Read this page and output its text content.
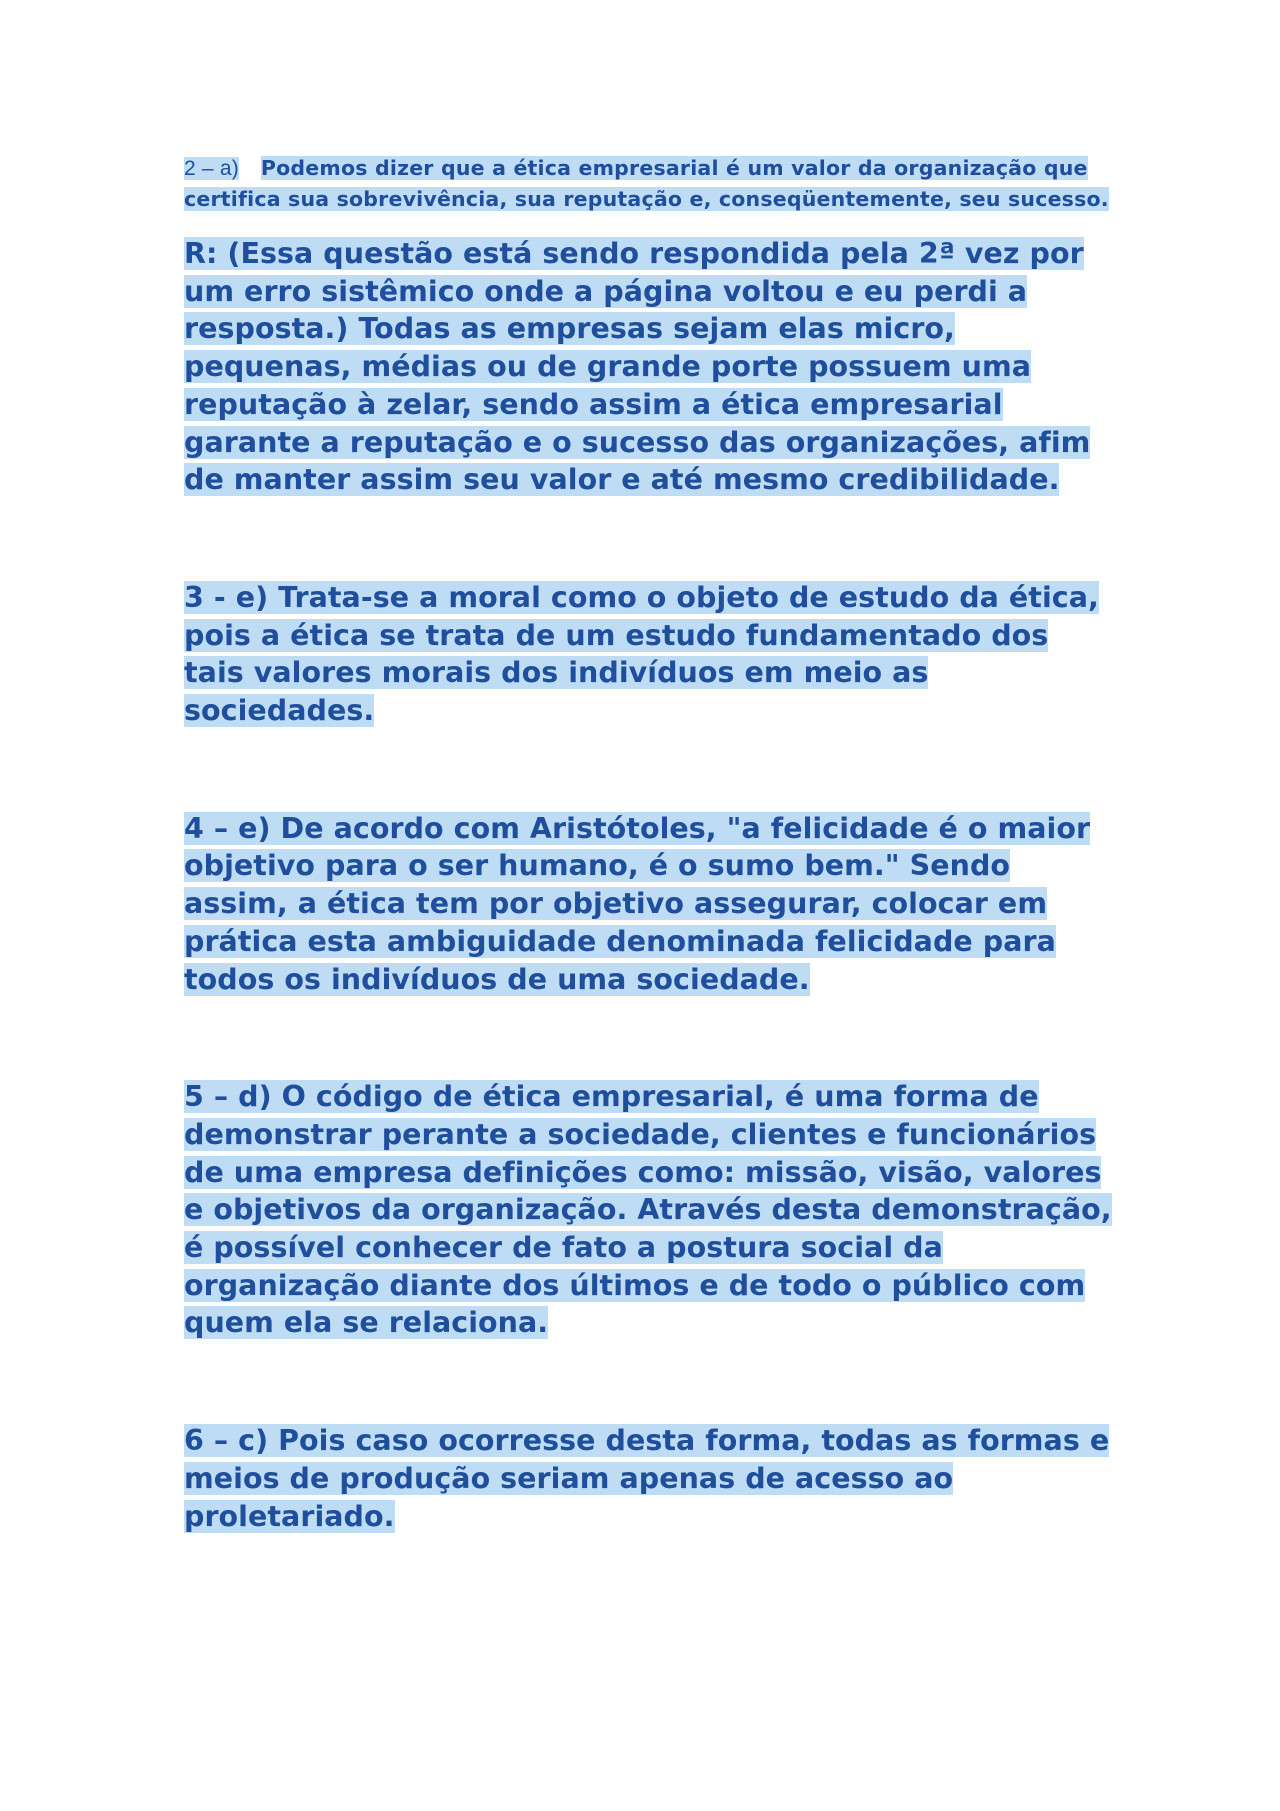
2 – a) Podemos dizer que a ética empresarial é um valor da organização que certifica sua sobrevivência, sua reputação e, conseqüentemente, seu sucesso.

R: (Essa questão está sendo respondida pela 2ª vez por um erro sistêmico onde a página voltou e eu perdi a resposta.) Todas as empresas sejam elas micro, pequenas, médias ou de grande porte possuem uma reputação à zelar, sendo assim a ética empresarial garante a reputação e o sucesso das organizações, afim de manter assim seu valor e até mesmo credibilidade.

3 - e) Trata-se a moral como o objeto de estudo da ética, pois a ética se trata de um estudo fundamentado dos tais valores morais dos indivíduos em meio as sociedades.

4 – e) De acordo com Aristótoles, "a felicidade é o maior objetivo para o ser humano, é o sumo bem." Sendo assim, a ética tem por objetivo assegurar, colocar em prática esta ambiguidade denominada felicidade para todos os indivíduos de uma sociedade.

5 – d) O código de ética empresarial, é uma forma de demonstrar perante a sociedade, clientes e funcionários de uma empresa definições como: missão, visão, valores e objetivos da organização. Através desta demonstração, é possível conhecer de fato a postura social da organização diante dos últimos e de todo o público com quem ela se relaciona.

6 – c) Pois caso ocorresse desta forma, todas as formas e meios de produção seriam apenas de acesso ao proletariado.
